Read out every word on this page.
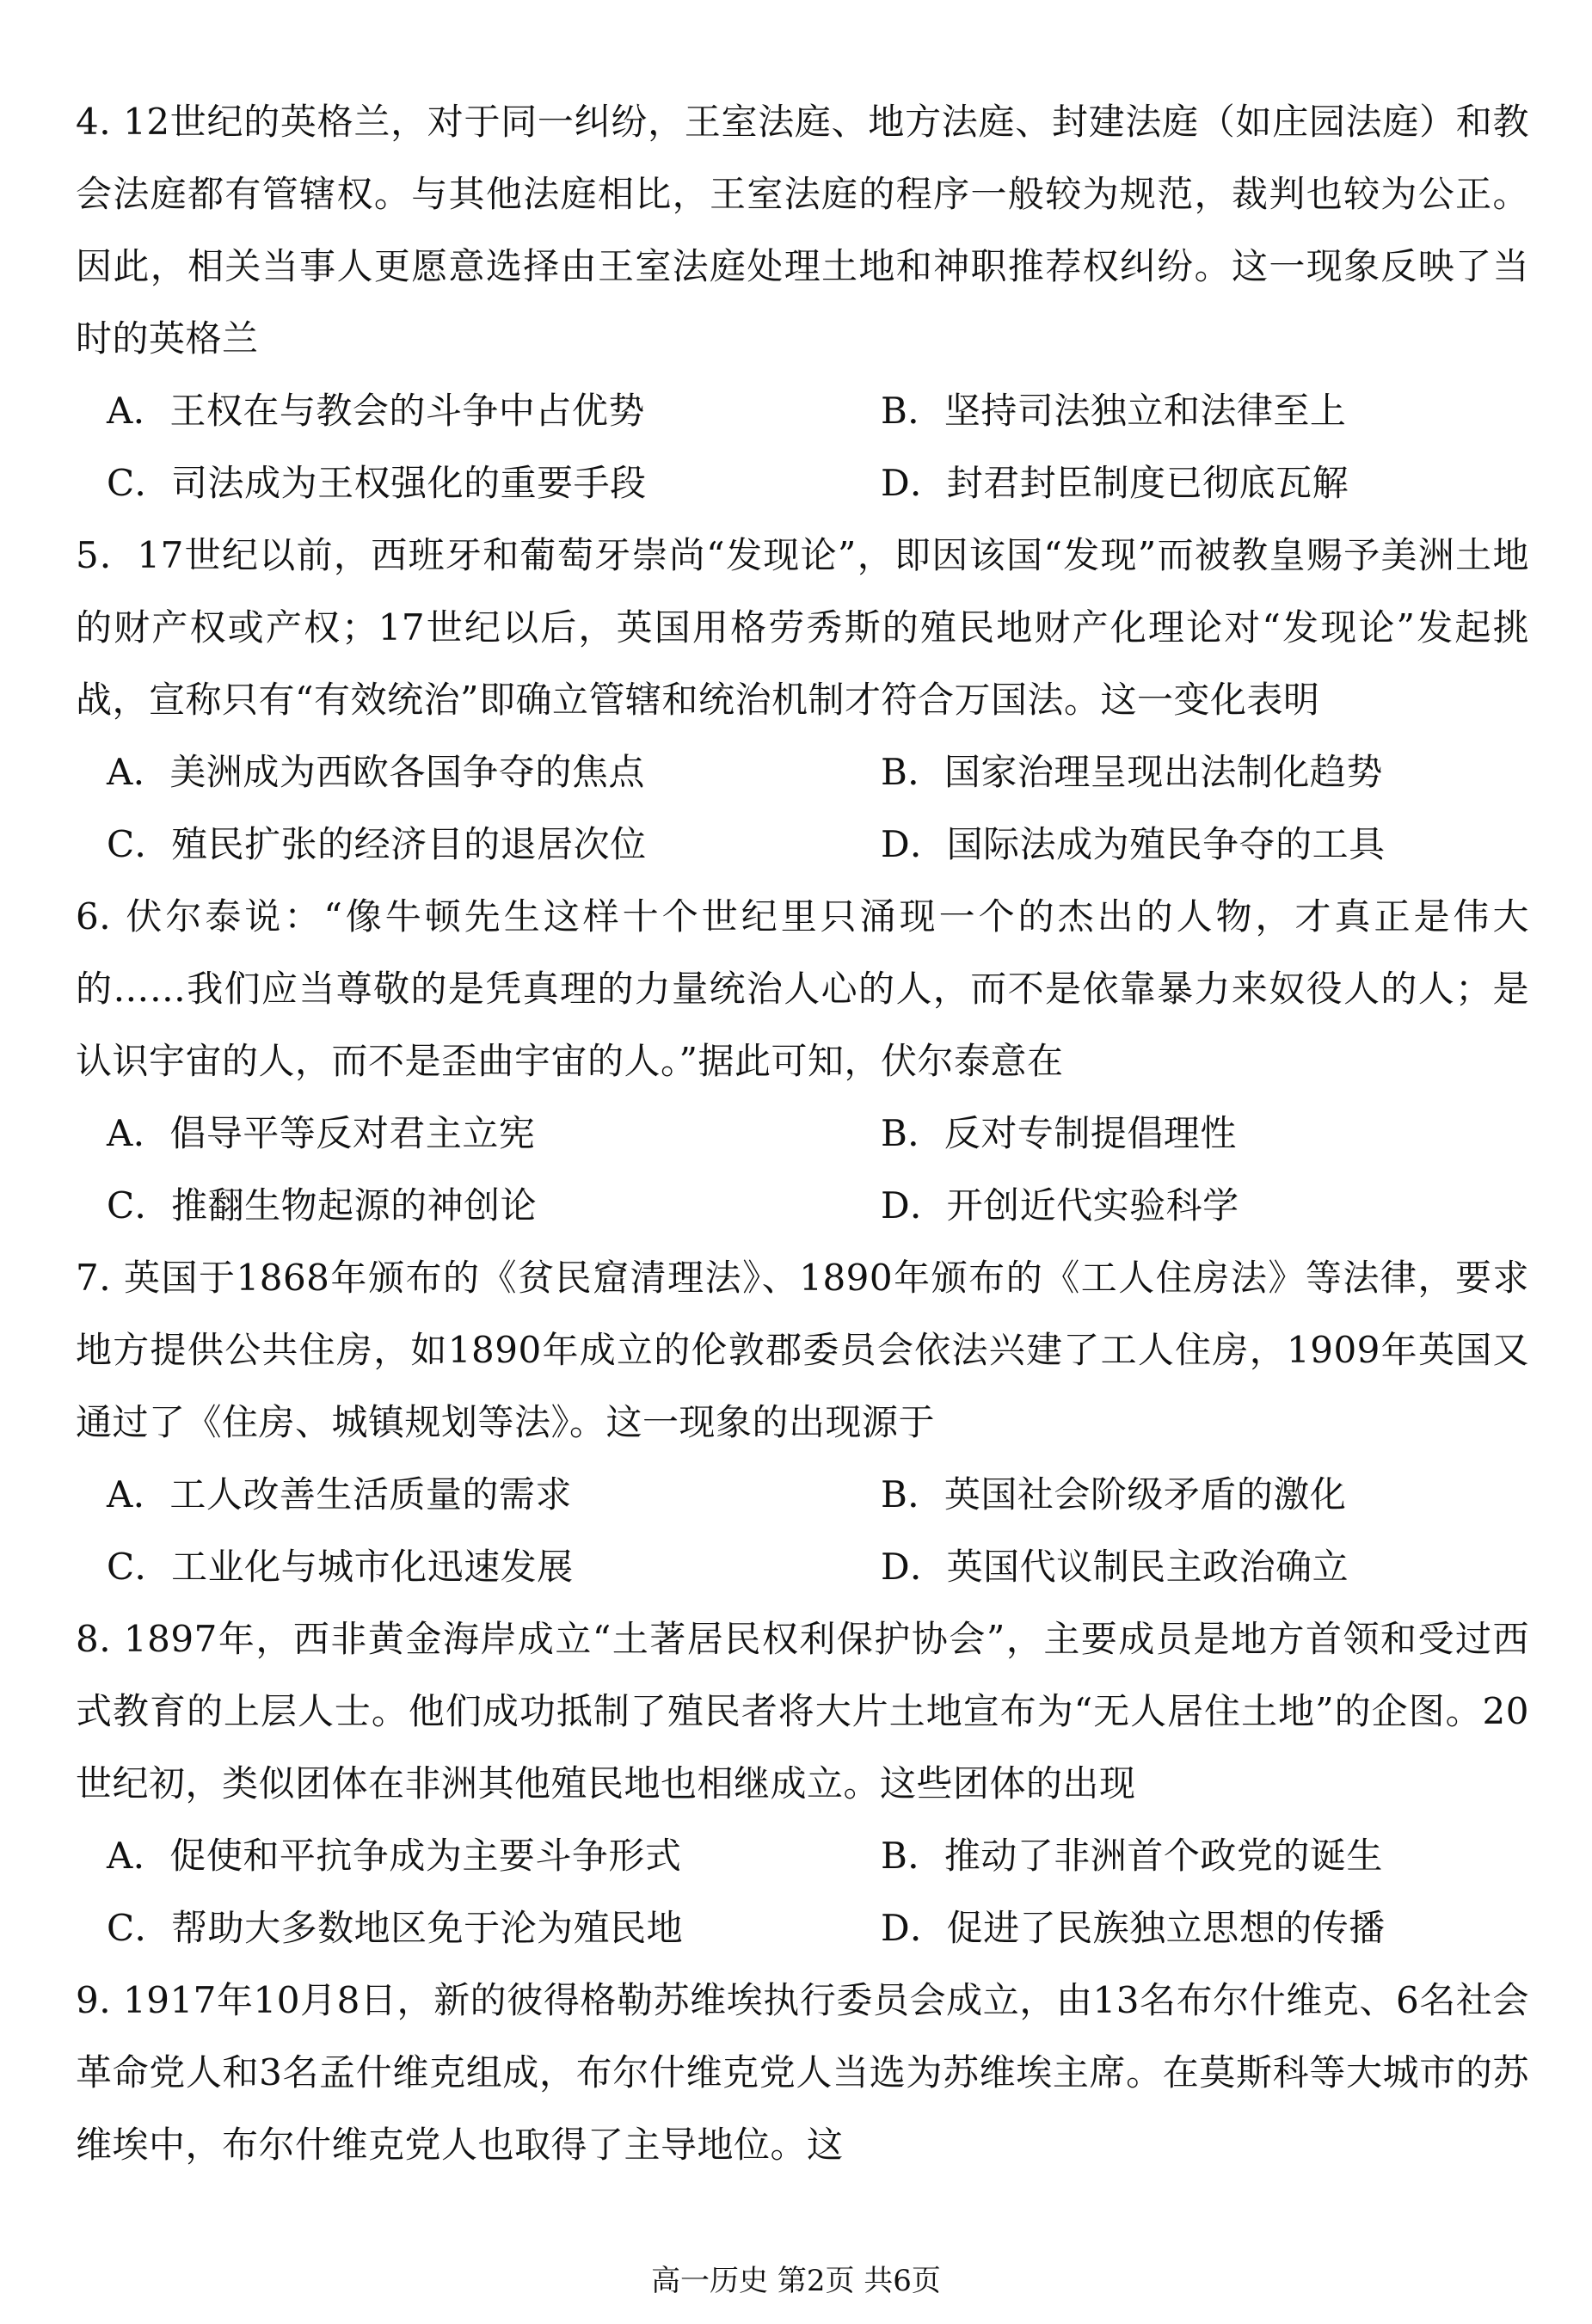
4. 12世纪的英格兰，对于同一纠纷，王室法庭、地方法庭、封建法庭（如庄园法庭）和教会法庭都有管辖权。与其他法庭相比，王室法庭的程序一般较为规范，裁判也较为公正。因此，相关当事人更愿意选择由王室法庭处理土地和神职推荐权纠纷。这一现象反映了当时的英格兰

A．王权在与教会的斗争中占优势	B．坚持司法独立和法律至上
C．司法成为王权强化的重要手段	D．封君封臣制度已彻底瓦解

5．17世纪以前，西班牙和葡萄牙崇尚“发现论”，即因该国“发现”而被教皇赐予美洲土地的财产权或产权；17世纪以后，英国用格劳秀斯的殖民地财产化理论对“发现论”发起挑战，宣称只有“有效统治”即确立管辖和统治机制才符合万国法。这一变化表明

A．美洲成为西欧各国争夺的焦点	B．国家治理呈现出法制化趋势
C．殖民扩张的经济目的退居次位	D．国际法成为殖民争夺的工具

6. 伏尔泰说：“像牛顿先生这样十个世纪里只涌现一个的杰出的人物，才真正是伟大的……我们应当尊敬的是凭真理的力量统治人心的人，而不是依靠暴力来奴役人的人；是认识宇宙的人，而不是歪曲宇宙的人。”据此可知，伏尔泰意在

A．倡导平等反对君主立宪	B．反对专制提倡理性
C．推翻生物起源的神创论	D．开创近代实验科学

7. 英国于1868年颁布的《贫民窟清理法》、1890年颁布的《工人住房法》等法律，要求地方提供公共住房，如1890年成立的伦敦郡委员会依法兴建了工人住房，1909年英国又通过了《住房、城镇规划等法》。这一现象的出现源于

A．工人改善生活质量的需求	B．英国社会阶级矛盾的激化
C．工业化与城市化迅速发展	D．英国代议制民主政治确立

8. 1897年，西非黄金海岸成立“土著居民权利保护协会”，主要成员是地方首领和受过西式教育的上层人士。他们成功抵制了殖民者将大片土地宣布为“无人居住土地”的企图。20世纪初，类似团体在非洲其他殖民地也相继成立。这些团体的出现

A．促使和平抗争成为主要斗争形式	B．推动了非洲首个政党的诞生
C．帮助大多数地区免于沦为殖民地	D．促进了民族独立思想的传播

9. 1917年10月8日，新的彼得格勒苏维埃执行委员会成立，由13名布尔什维克、6名社会革命党人和3名孟什维克组成，布尔什维克党人当选为苏维埃主席。在莫斯科等大城市的苏维埃中，布尔什维克党人也取得了主导地位。这

高一历史 第2页 共6页
